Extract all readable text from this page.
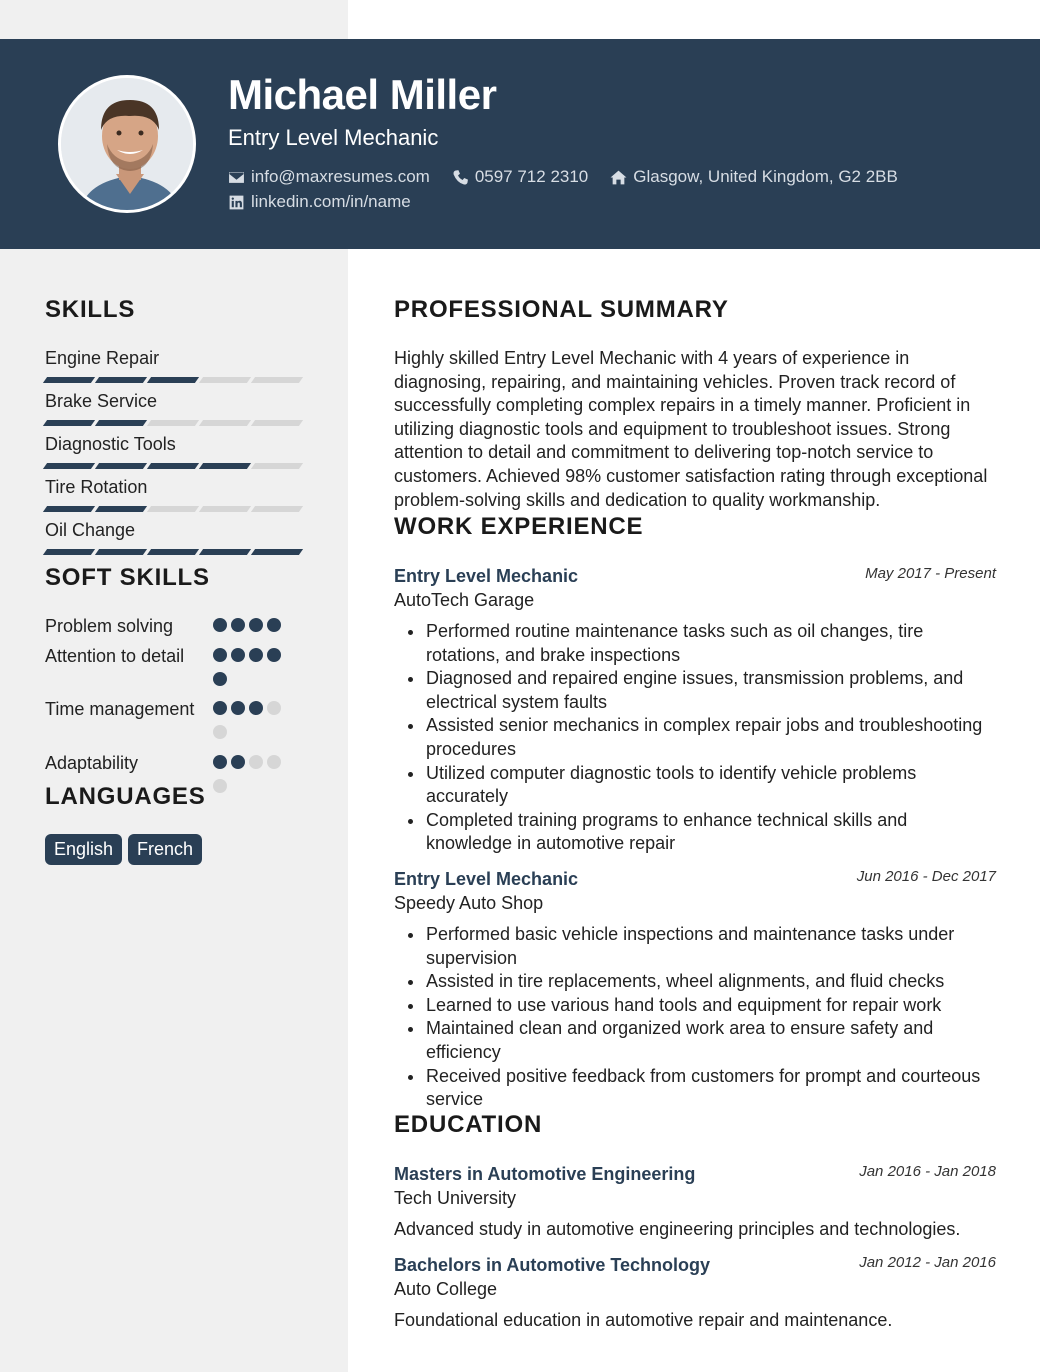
Michael Miller
Entry Level Mechanic
info@maxresumes.com	0597 712 2310	Glasgow, United Kingdom, G2 2BB
linkedin.com/in/name
SKILLS
Engine Repair
Brake Service
Diagnostic Tools
Tire Rotation
Oil Change
SOFT SKILLS
Problem solving
Attention to detail
Time management
Adaptability
LANGUAGES
English	French
PROFESSIONAL SUMMARY
Highly skilled Entry Level Mechanic with 4 years of experience in diagnosing, repairing, and maintaining vehicles. Proven track record of successfully completing complex repairs in a timely manner. Proficient in utilizing diagnostic tools and equipment to troubleshoot issues. Strong attention to detail and commitment to delivering top-notch service to customers. Achieved 98% customer satisfaction rating through exceptional problem-solving skills and dedication to quality workmanship.
WORK EXPERIENCE
Entry Level Mechanic	May 2017 - Present
AutoTech Garage
Performed routine maintenance tasks such as oil changes, tire rotations, and brake inspections
Diagnosed and repaired engine issues, transmission problems, and electrical system faults
Assisted senior mechanics in complex repair jobs and troubleshooting procedures
Utilized computer diagnostic tools to identify vehicle problems accurately
Completed training programs to enhance technical skills and knowledge in automotive repair
Entry Level Mechanic	Jun 2016 - Dec 2017
Speedy Auto Shop
Performed basic vehicle inspections and maintenance tasks under supervision
Assisted in tire replacements, wheel alignments, and fluid checks
Learned to use various hand tools and equipment for repair work
Maintained clean and organized work area to ensure safety and efficiency
Received positive feedback from customers for prompt and courteous service
EDUCATION
Masters in Automotive Engineering	Jan 2016 - Jan 2018
Tech University
Advanced study in automotive engineering principles and technologies.
Bachelors in Automotive Technology	Jan 2012 - Jan 2016
Auto College
Foundational education in automotive repair and maintenance.
